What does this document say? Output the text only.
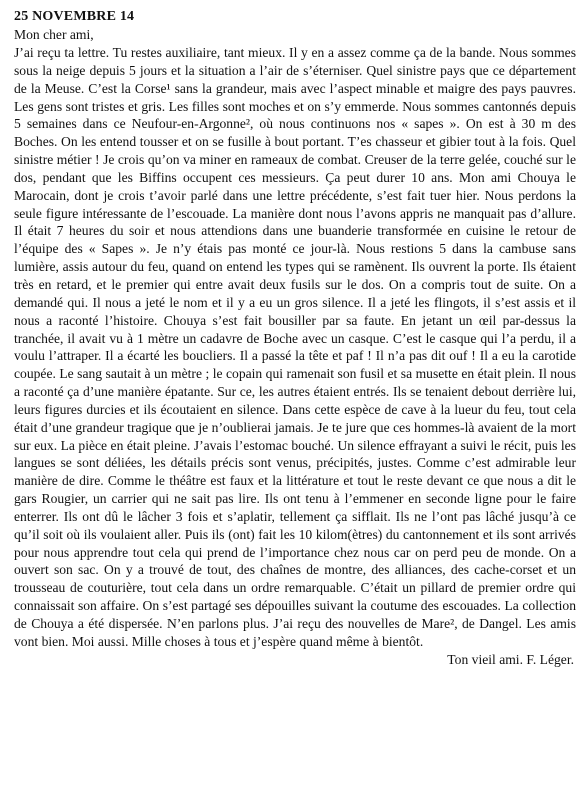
25 NOVEMBRE 14
Mon cher ami,

J’ai reçu ta lettre. Tu restes auxiliaire, tant mieux. Il y en a assez comme ça de la bande. Nous sommes sous la neige depuis 5 jours et la situation a l’air de s’éterniser. Quel sinistre pays que ce département de la Meuse. C’est la Corse¹ sans la grandeur, mais avec l’aspect minable et maigre des pays pauvres. Les gens sont tristes et gris. Les filles sont moches et on s’y emmerde. Nous sommes cantonnés depuis 5 semaines dans ce Neufour-en-Argonne², où nous continuons nos « sapes ». On est à 30 m des Boches. On les entend tousser et on se fusille à bout portant. T’es chasseur et gibier tout à la fois. Quel sinistre métier ! Je crois qu’on va miner en rameaux de combat. Creuser de la terre gelée, couché sur le dos, pendant que les Biffins occupent ces messieurs. Ça peut durer 10 ans. Mon ami Chouya le Marocain, dont je crois t’avoir parlé dans une lettre précédente, s’est fait tuer hier. Nous perdons la seule figure intéressante de l’escouade. La manière dont nous l’avons appris ne manquait pas d’allure. Il était 7 heures du soir et nous attendions dans une buanderie transformée en cuisine le retour de l’équipe des « Sapes ». Je n’y étais pas monté ce jour-là. Nous restions 5 dans la cambuse sans lumière, assis autour du feu, quand on entend les types qui se ramènent. Ils ouvrent la porte. Ils étaient très en retard, et le premier qui entre avait deux fusils sur le dos. On a compris tout de suite. On a demandé qui. Il nous a jeté le nom et il y a eu un gros silence. Il a jeté les flingots, il s’est assis et il nous a raconté l’histoire. Chouya s’est fait bousiller par sa faute. En jetant un œil par-dessus la tranchée, il avait vu à 1 mètre un cadavre de Boche avec un casque. C’est le casque qui l’a perdu, il a voulu l’attraper. Il a écarté les boucliers. Il a passé la tête et paf ! Il n’a pas dit ouf ! Il a eu la carotide coupée. Le sang sautait à un mètre ; le copain qui ramenait son fusil et sa musette en était plein. Il nous a raconté ça d’une manière épatante. Sur ce, les autres étaient entrés. Ils se tenaient debout derrière lui, leurs figures durcies et ils écoutaient en silence. Dans cette espèce de cave à la lueur du feu, tout cela était d’une grandeur tragique que je n’oublierai jamais. Je te jure que ces hommes-là avaient de la mort sur eux. La pièce en était pleine. J’avais l’estomac bouché. Un silence effrayant a suivi le récit, puis les langues se sont déliées, les détails précis sont venus, précipités, justes. Comme c’est admirable leur manière de dire. Comme le théâtre est faux et la littérature et tout le reste devant ce que nous a dit le gars Rougier, un carrier qui ne sait pas lire. Ils ont tenu à l’emmener en seconde ligne pour le faire enterrer. Ils ont dû le lâcher 3 fois et s’aplatir, tellement ça sifflait. Ils ne l’ont pas lâché jusqu’à ce qu’il soit où ils voulaient aller. Puis ils (ont) fait les 10 kilom(ètres) du cantonnement et ils sont arrivés pour nous apprendre tout cela qui prend de l’importance chez nous car on perd peu de monde. On a ouvert son sac. On y a trouvé de tout, des chaînes de montre, des alliances, des cache-corset et un trousseau de couturière, tout cela dans un ordre remarquable. C’était un pillard de premier ordre qui connaissait son affaire. On s’est partagé ses dépouilles suivant la coutume des escouades. La collection de Chouya a été dispersée. N’en parlons plus. J’ai reçu des nouvelles de Mare², de Dangel. Les amis vont bien. Moi aussi. Mille choses à tous et j’espère quand même à bientôt.

Ton vieil ami. F. Léger.
